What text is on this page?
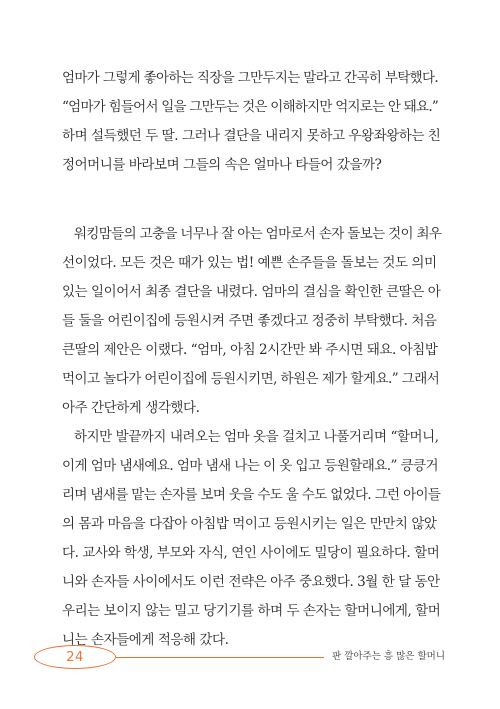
엄마가 그렇게 좋아하는 직장을 그만두지는 말라고 간곡히 부탁했다.
“엄마가 힘들어서 일을 그만두는 것은 이해하지만 억지로는 안 돼요.”
하며 설득했던 두 딸. 그러나 결단을 내리지 못하고 우왕좌왕하는 친
정어머니를 바라보며 그들의 속은 얼마나 타들어 갔을까?
워킹맘들의 고충을 너무나 잘 아는 엄마로서 손자 돌보는 것이 최우
선이었다. 모든 것은 때가 있는 법! 예쁜 손주들을 돌보는 것도 의미
있는 일이어서 최종 결단을 내렸다. 엄마의 결심을 확인한 큰딸은 아
들 둘을 어린이집에 등원시켜 주면 좋겠다고 정중히 부탁했다. 처음
큰딸의 제안은 이랬다. “엄마, 아침 2시간만 봐 주시면 돼요. 아침밥
먹이고 놀다가 어린이집에 등원시키면, 하원은 제가 할게요.” 그래서
아주 간단하게 생각했다.
하지만 발끝까지 내려오는 엄마 옷을 걸치고 나풀거리며 “할머니,
이게 엄마 냄새예요. 엄마 냄새 나는 이 옷 입고 등원할래요.” 킁킁거
리며 냄새를 맡는 손자를 보며 웃을 수도 울 수도 없었다. 그런 아이들
의 몸과 마음을 다잡아 아침밥 먹이고 등원시키는 일은 만만치 않았
다. 교사와 학생, 부모와 자식, 연인 사이에도 밀당이 필요하다. 할머
니와 손자들 사이에서도 이런 전략은 아주 중요했다. 3월 한 달 동안
우리는 보이지 않는 밀고 당기기를 하며 두 손자는 할머니에게, 할머
니는 손자들에게 적응해 갔다.
24	판 깔아주는 흥 많은 할머니
